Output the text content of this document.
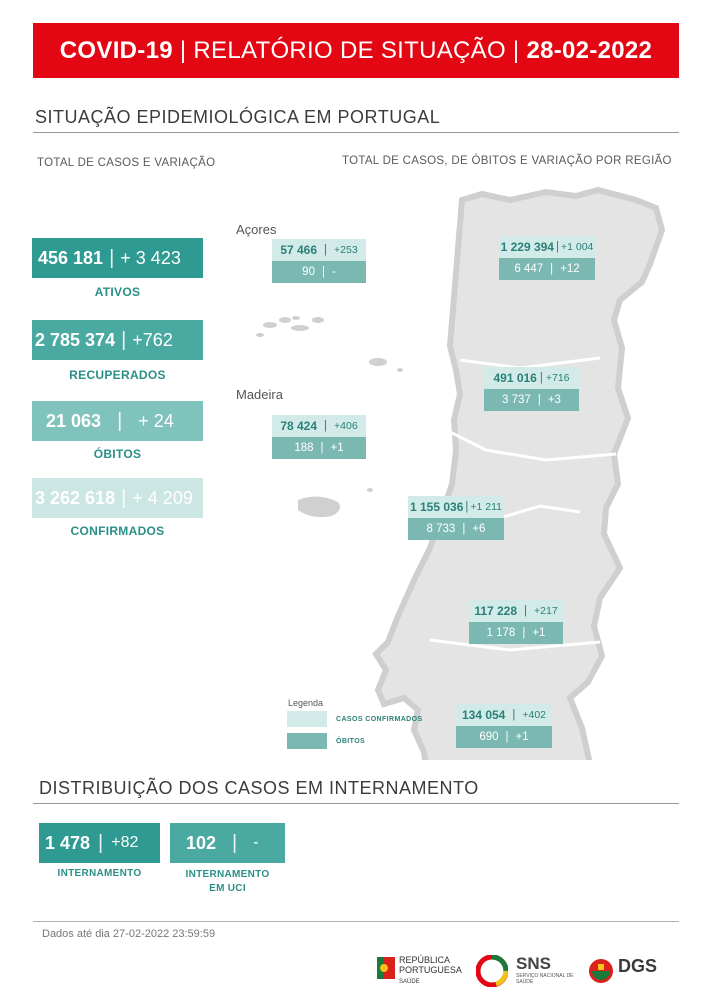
COVID-19 | RELATÓRIO DE SITUAÇÃO | 28-02-2022
SITUAÇÃO EPIDEMIOLÓGICA EM PORTUGAL
TOTAL DE CASOS E VARIAÇÃO	TOTAL DE CASOS, DE ÓBITOS E VARIAÇÃO POR REGIÃO
456 181 | + 3 423
ATIVOS
2 785 374 | +762
RECUPERADOS
21 063 | + 24
ÓBITOS
3 262 618 | + 4 209
CONFIRMADOS
Açores
Madeira
57 466 | +253
90 | -
78 424 | +406
188 | +1
1 229 394 | +1 004
6 447 | +12
491 016 | +716
3 737 | +3
1 155 036 | +1 211
8 733 | +6
117 228 | +217
1 178 | +1
134 054 | +402
690 | +1
Legenda
CASOS CONFIRMADOS
ÓBITOS
DISTRIBUIÇÃO DOS CASOS EM INTERNAMENTO
1 478 | +82
INTERNAMENTO
102 | -
INTERNAMENTO
EM UCI
Dados até dia 27-02-2022 23:59:59
REPÚBLICA
PORTUGUESA
SAÚDE
SNS
SERVIÇO NACIONAL DE SAÚDE
DGS
